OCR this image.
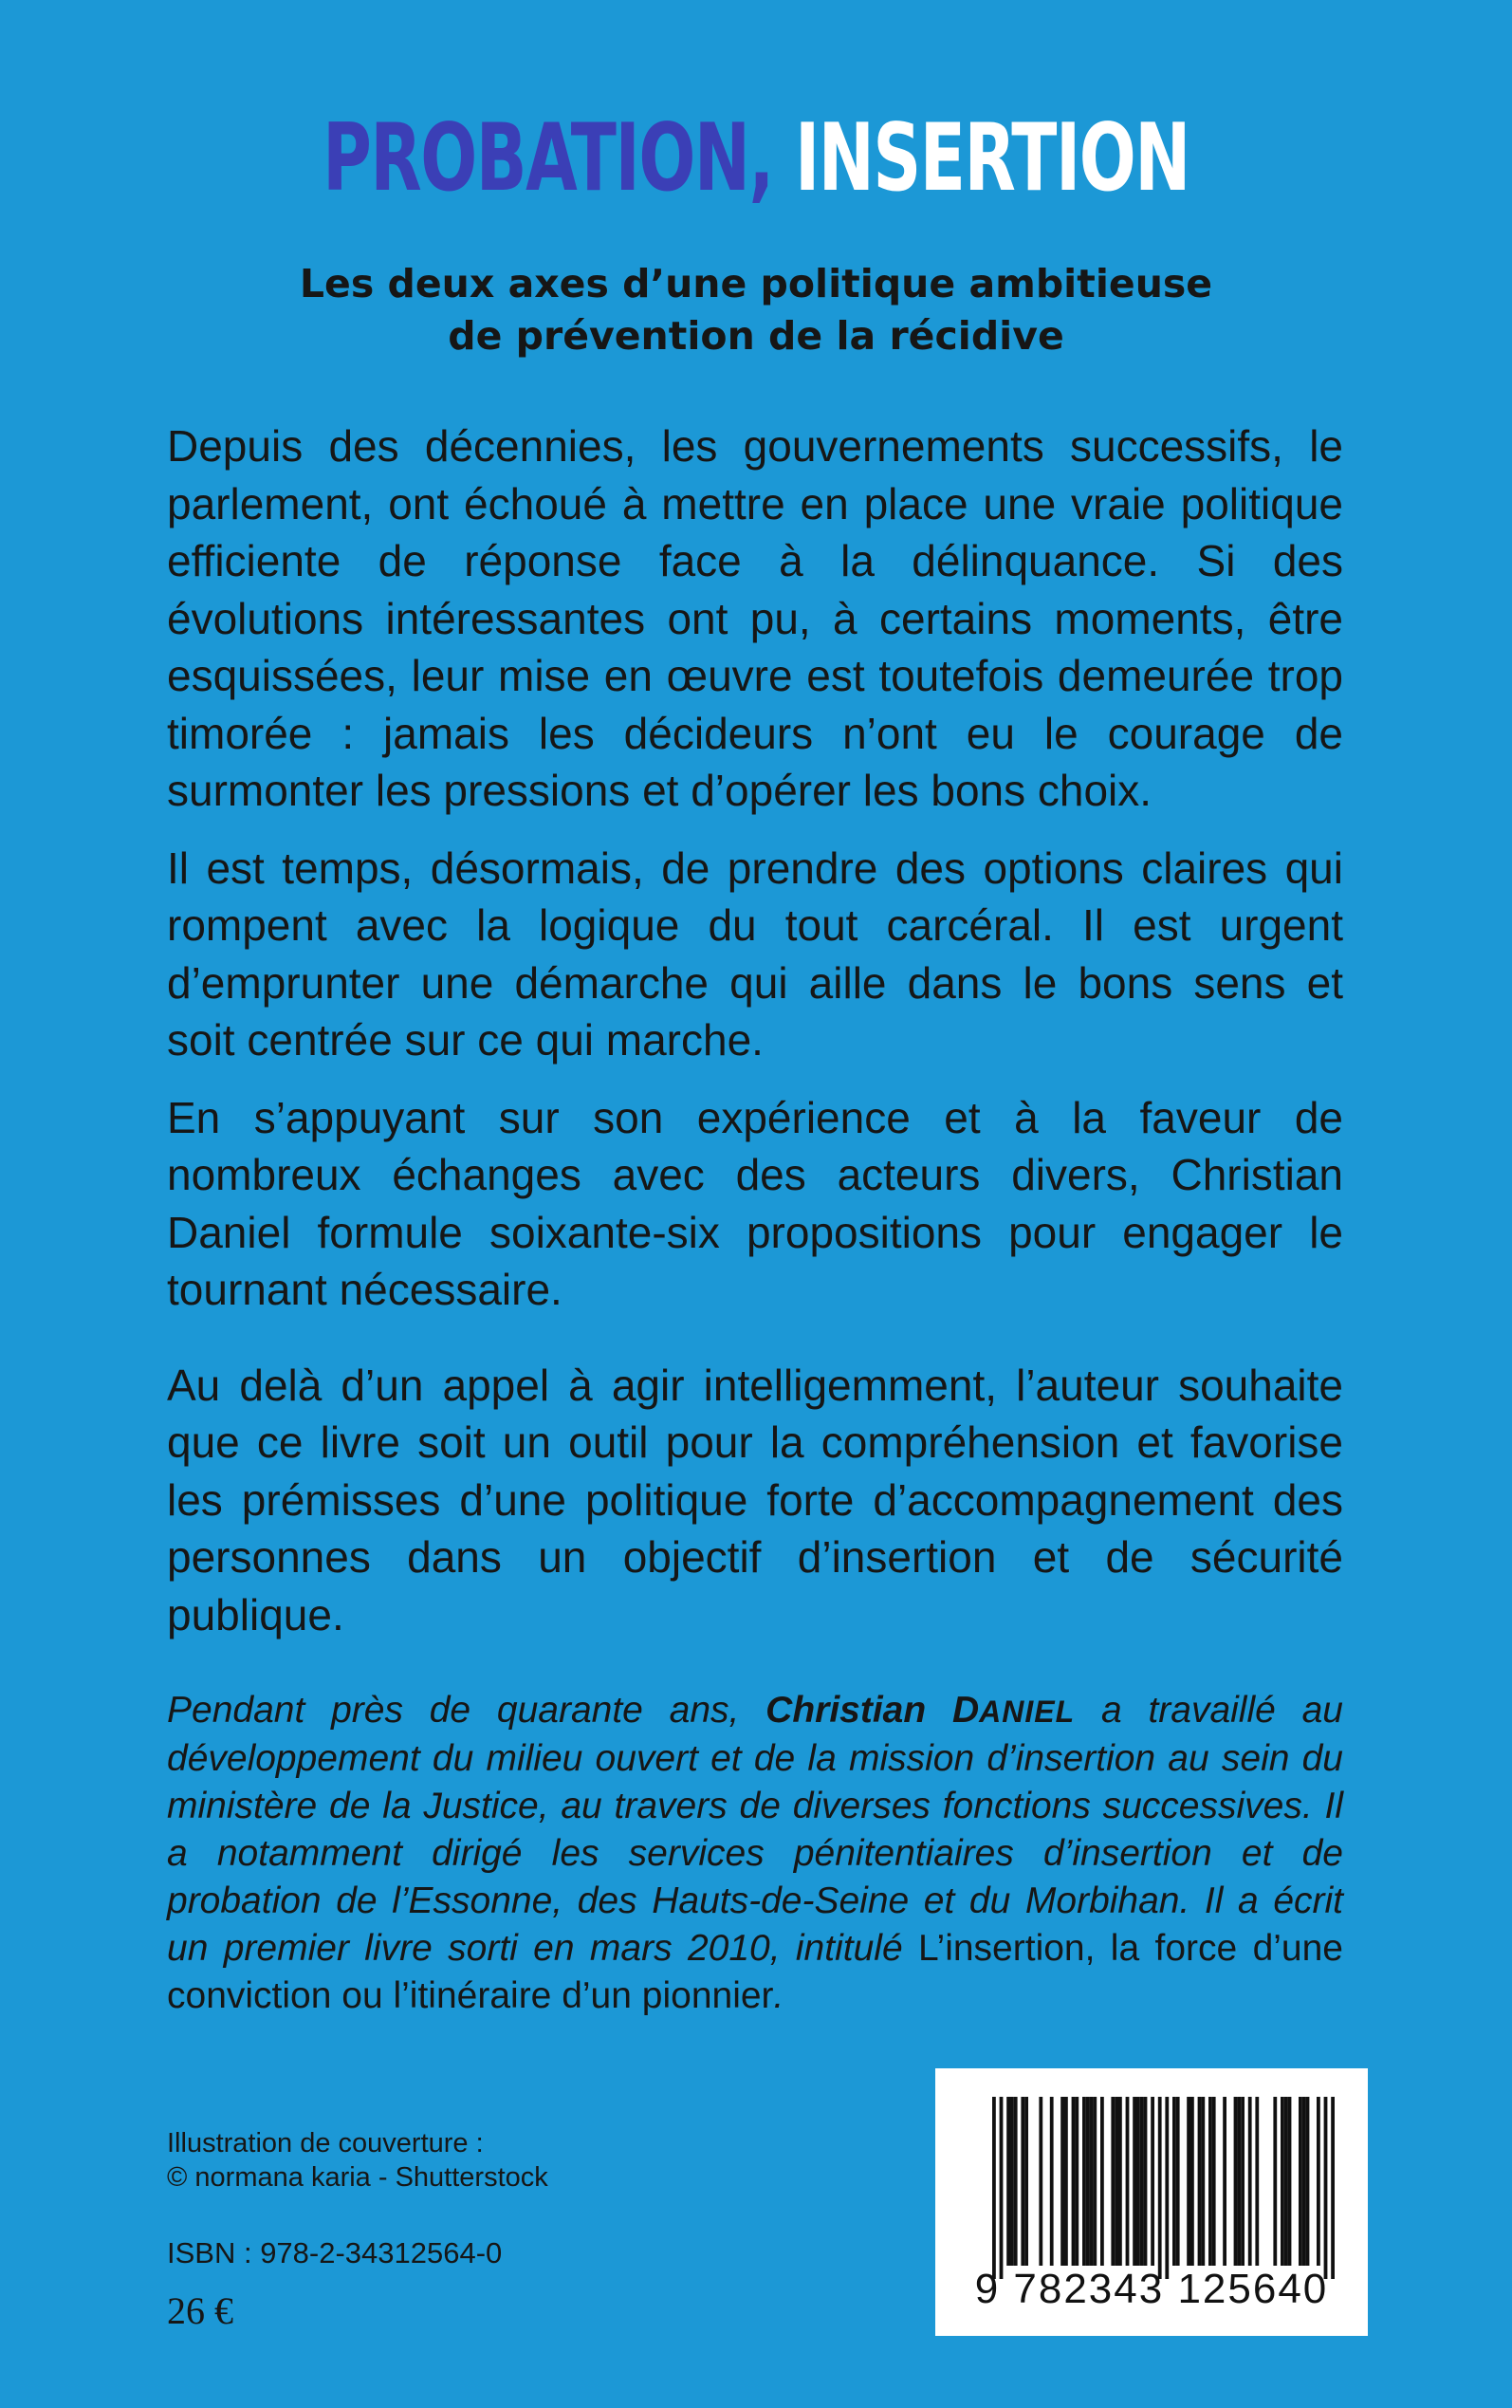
PROBATION, INSERTION
Les deux axes d’une politique ambitieuse
de prévention de la récidive

Depuis des décennies, les gouvernements successifs, le parlement, ont échoué à mettre en place une vraie politique efficiente de réponse face à la délinquance. Si des évolutions intéressantes ont pu, à certains moments, être esquissées, leur mise en œuvre est toutefois demeurée trop timorée : jamais les décideurs n’ont eu le courage de surmonter les pressions et d’opérer les bons choix.

Il est temps, désormais, de prendre des options claires qui rompent avec la logique du tout carcéral. Il est urgent d’emprunter une démarche qui aille dans le bons sens et soit centrée sur ce qui marche.

En s’appuyant sur son expérience et à la faveur de nombreux échanges avec des acteurs divers, Christian Daniel formule soixante-six propositions pour engager le tournant nécessaire.

Au delà d’un appel à agir intelligemment, l’auteur souhaite que ce livre soit un outil pour la compréhension et favorise les prémisses d’une politique forte d’accompagnement des personnes dans un objectif d’insertion et de sécurité publique.

Pendant près de quarante ans, Christian DANIEL a travaillé au développement du milieu ouvert et de la mission d’insertion au sein du ministère de la Justice, au travers de diverses fonctions successives. Il a notamment dirigé les services pénitentiaires d’insertion et de probation de l’Essonne, des Hauts-de-Seine et du Morbihan. Il a écrit un premier livre sorti en mars 2010, intitulé L’insertion, la force d’une conviction ou l’itinéraire d’un pionnier.

Illustration de couverture :
© normana karia - Shutterstock
ISBN : 978-2-34312564-0
26 €	9 782343 125640
